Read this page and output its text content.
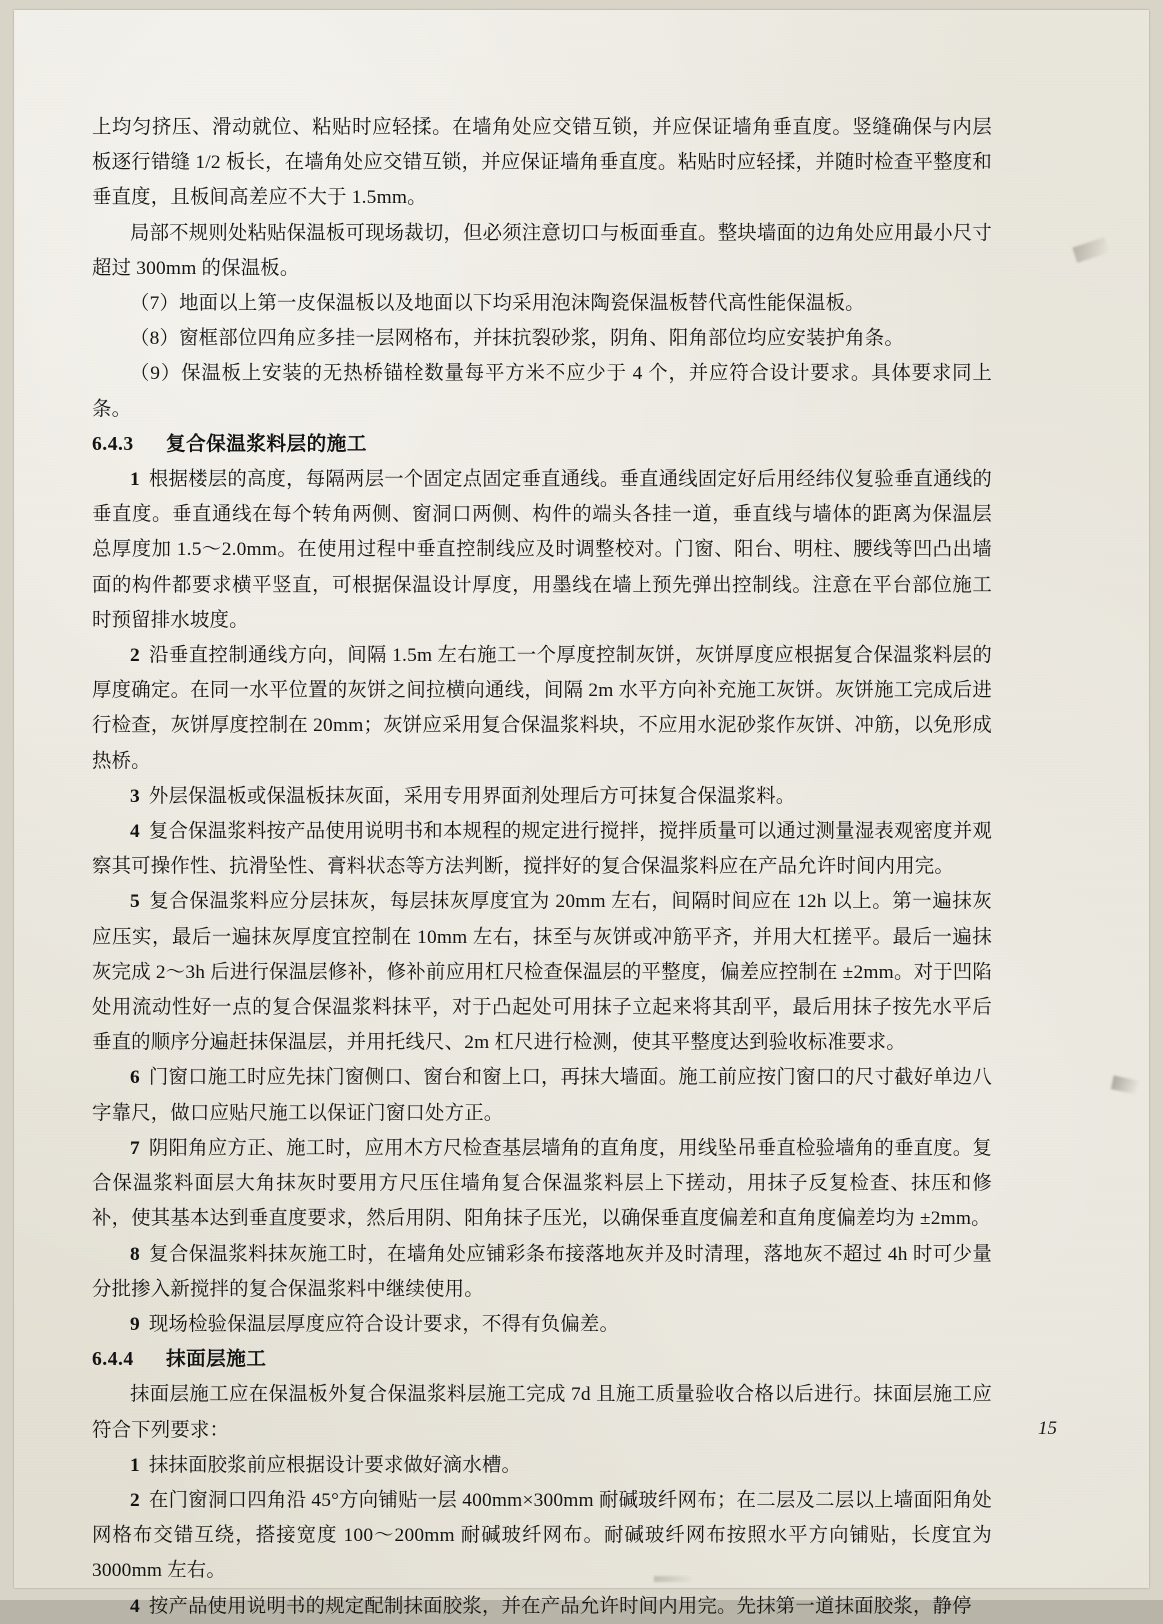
上均匀挤压、滑动就位、粘贴时应轻揉。在墙角处应交错互锁，并应保证墙角垂直度。竖缝确保与内层板逐行错缝 1/2 板长，在墙角处应交错互锁，并应保证墙角垂直度。粘贴时应轻揉，并随时检查平整度和垂直度，且板间高差应不大于 1.5mm。

局部不规则处粘贴保温板可现场裁切，但必须注意切口与板面垂直。整块墙面的边角处应用最小尺寸超过 300mm 的保温板。

（7）地面以上第一皮保温板以及地面以下均采用泡沫陶瓷保温板替代高性能保温板。

（8）窗框部位四角应多挂一层网格布，并抹抗裂砂浆，阴角、阳角部位均应安装护角条。

（9）保温板上安装的无热桥锚栓数量每平方米不应少于 4 个，并应符合设计要求。具体要求同上条。

6.4.3 复合保温浆料层的施工

1 根据楼层的高度，每隔两层一个固定点固定垂直通线。垂直通线固定好后用经纬仪复验垂直通线的垂直度。垂直通线在每个转角两侧、窗洞口两侧、构件的端头各挂一道，垂直线与墙体的距离为保温层总厚度加 1.5～2.0mm。在使用过程中垂直控制线应及时调整校对。门窗、阳台、明柱、腰线等凹凸出墙面的构件都要求横平竖直，可根据保温设计厚度，用墨线在墙上预先弹出控制线。注意在平台部位施工时预留排水坡度。

2 沿垂直控制通线方向，间隔 1.5m 左右施工一个厚度控制灰饼，灰饼厚度应根据复合保温浆料层的厚度确定。在同一水平位置的灰饼之间拉横向通线，间隔 2m 水平方向补充施工灰饼。灰饼施工完成后进行检查，灰饼厚度控制在 20mm；灰饼应采用复合保温浆料块，不应用水泥砂浆作灰饼、冲筋，以免形成热桥。

3 外层保温板或保温板抹灰面，采用专用界面剂处理后方可抹复合保温浆料。

4 复合保温浆料按产品使用说明书和本规程的规定进行搅拌，搅拌质量可以通过测量湿表观密度并观察其可操作性、抗滑坠性、膏料状态等方法判断，搅拌好的复合保温浆料应在产品允许时间内用完。

5 复合保温浆料应分层抹灰，每层抹灰厚度宜为 20mm 左右，间隔时间应在 12h 以上。第一遍抹灰应压实，最后一遍抹灰厚度宜控制在 10mm 左右，抹至与灰饼或冲筋平齐，并用大杠搓平。最后一遍抹灰完成 2～3h 后进行保温层修补，修补前应用杠尺检查保温层的平整度，偏差应控制在 ±2mm。对于凹陷处用流动性好一点的复合保温浆料抹平，对于凸起处可用抹子立起来将其刮平，最后用抹子按先水平后垂直的顺序分遍赶抹保温层，并用托线尺、2m 杠尺进行检测，使其平整度达到验收标准要求。

6 门窗口施工时应先抹门窗侧口、窗台和窗上口，再抹大墙面。施工前应按门窗口的尺寸截好单边八字靠尺，做口应贴尺施工以保证门窗口处方正。

7 阴阳角应方正、施工时，应用木方尺检查基层墙角的直角度，用线坠吊垂直检验墙角的垂直度。复合保温浆料面层大角抹灰时要用方尺压住墙角复合保温浆料层上下搓动，用抹子反复检查、抹压和修补，使其基本达到垂直度要求，然后用阴、阳角抹子压光，以确保垂直度偏差和直角度偏差均为 ±2mm。

8 复合保温浆料抹灰施工时，在墙角处应铺彩条布接落地灰并及时清理，落地灰不超过 4h 时可少量分批掺入新搅拌的复合保温浆料中继续使用。

9 现场检验保温层厚度应符合设计要求，不得有负偏差。

6.4.4 抹面层施工

抹面层施工应在保温板外复合保温浆料层施工完成 7d 且施工质量验收合格以后进行。抹面层施工应符合下列要求：

1 抹抹面胶浆前应根据设计要求做好滴水槽。

2 在门窗洞口四角沿 45°方向铺贴一层 400mm×300mm 耐碱玻纤网布；在二层及二层以上墙面阳角处网格布交错互绕，搭接宽度 100～200mm 耐碱玻纤网布。耐碱玻纤网布按照水平方向铺贴，长度宜为 3000mm 左右。

4 按产品使用说明书的规定配制抹面胶浆，并在产品允许时间内用完。先抹第一道抹面胶浆，静停

15
